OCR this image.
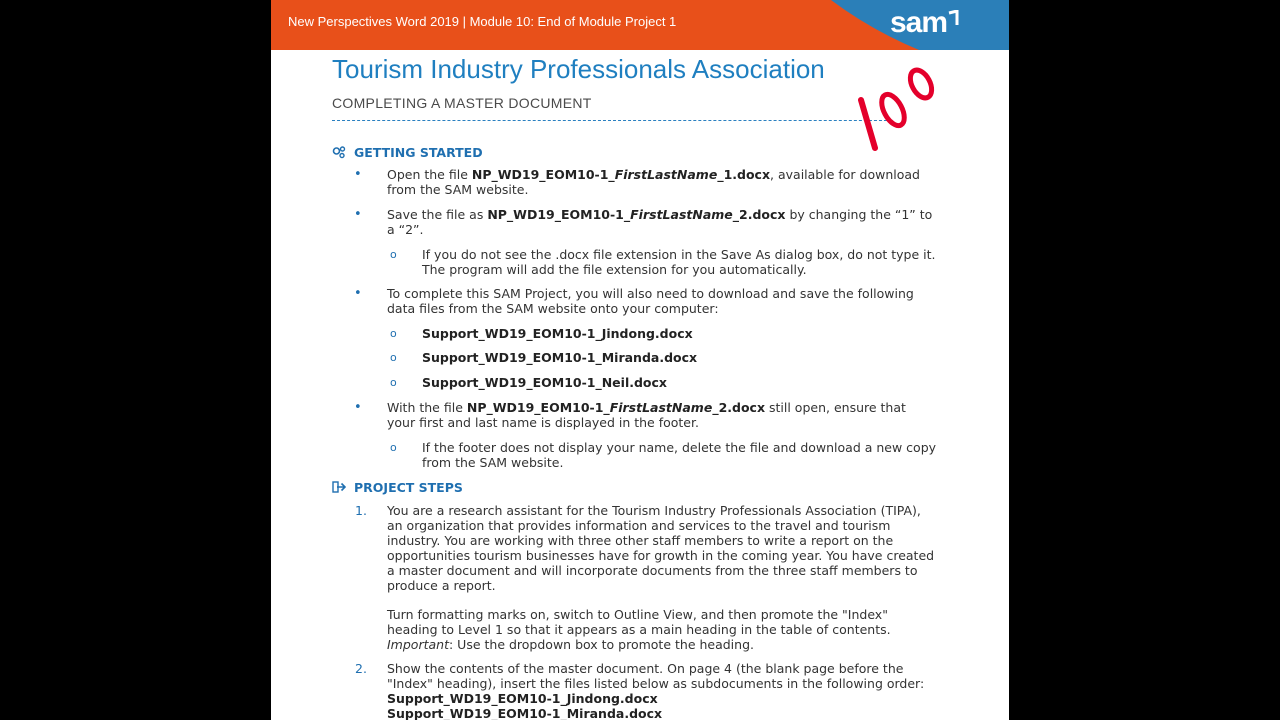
New Perspectives Word 2019 | Module 10: End of Module Project 1	sam
Tourism Industry Professionals Association
COMPLETING A MASTER DOCUMENT
GETTING STARTED
• Open the file NP_WD19_EOM10-1_FirstLastName_1.docx, available for download
from the SAM website.
• Save the file as NP_WD19_EOM10-1_FirstLastName_2.docx by changing the “1” to
a “2”.
o If you do not see the .docx file extension in the Save As dialog box, do not type it.
The program will add the file extension for you automatically.
• To complete this SAM Project, you will also need to download and save the following
data files from the SAM website onto your computer:
o Support_WD19_EOM10-1_Jindong.docx
o Support_WD19_EOM10-1_Miranda.docx
o Support_WD19_EOM10-1_Neil.docx
• With the file NP_WD19_EOM10-1_FirstLastName_2.docx still open, ensure that
your first and last name is displayed in the footer.
o If the footer does not display your name, delete the file and download a new copy
from the SAM website.
PROJECT STEPS
1. You are a research assistant for the Tourism Industry Professionals Association (TIPA),
an organization that provides information and services to the travel and tourism
industry. You are working with three other staff members to write a report on the
opportunities tourism businesses have for growth in the coming year. You have created
a master document and will incorporate documents from the three staff members to
produce a report.
Turn formatting marks on, switch to Outline View, and then promote the "Index"
heading to Level 1 so that it appears as a main heading in the table of contents.
Important: Use the dropdown box to promote the heading.
2. Show the contents of the master document. On page 4 (the blank page before the
"Index" heading), insert the files listed below as subdocuments in the following order:
Support_WD19_EOM10-1_Jindong.docx
Support_WD19_EOM10-1_Miranda.docx
